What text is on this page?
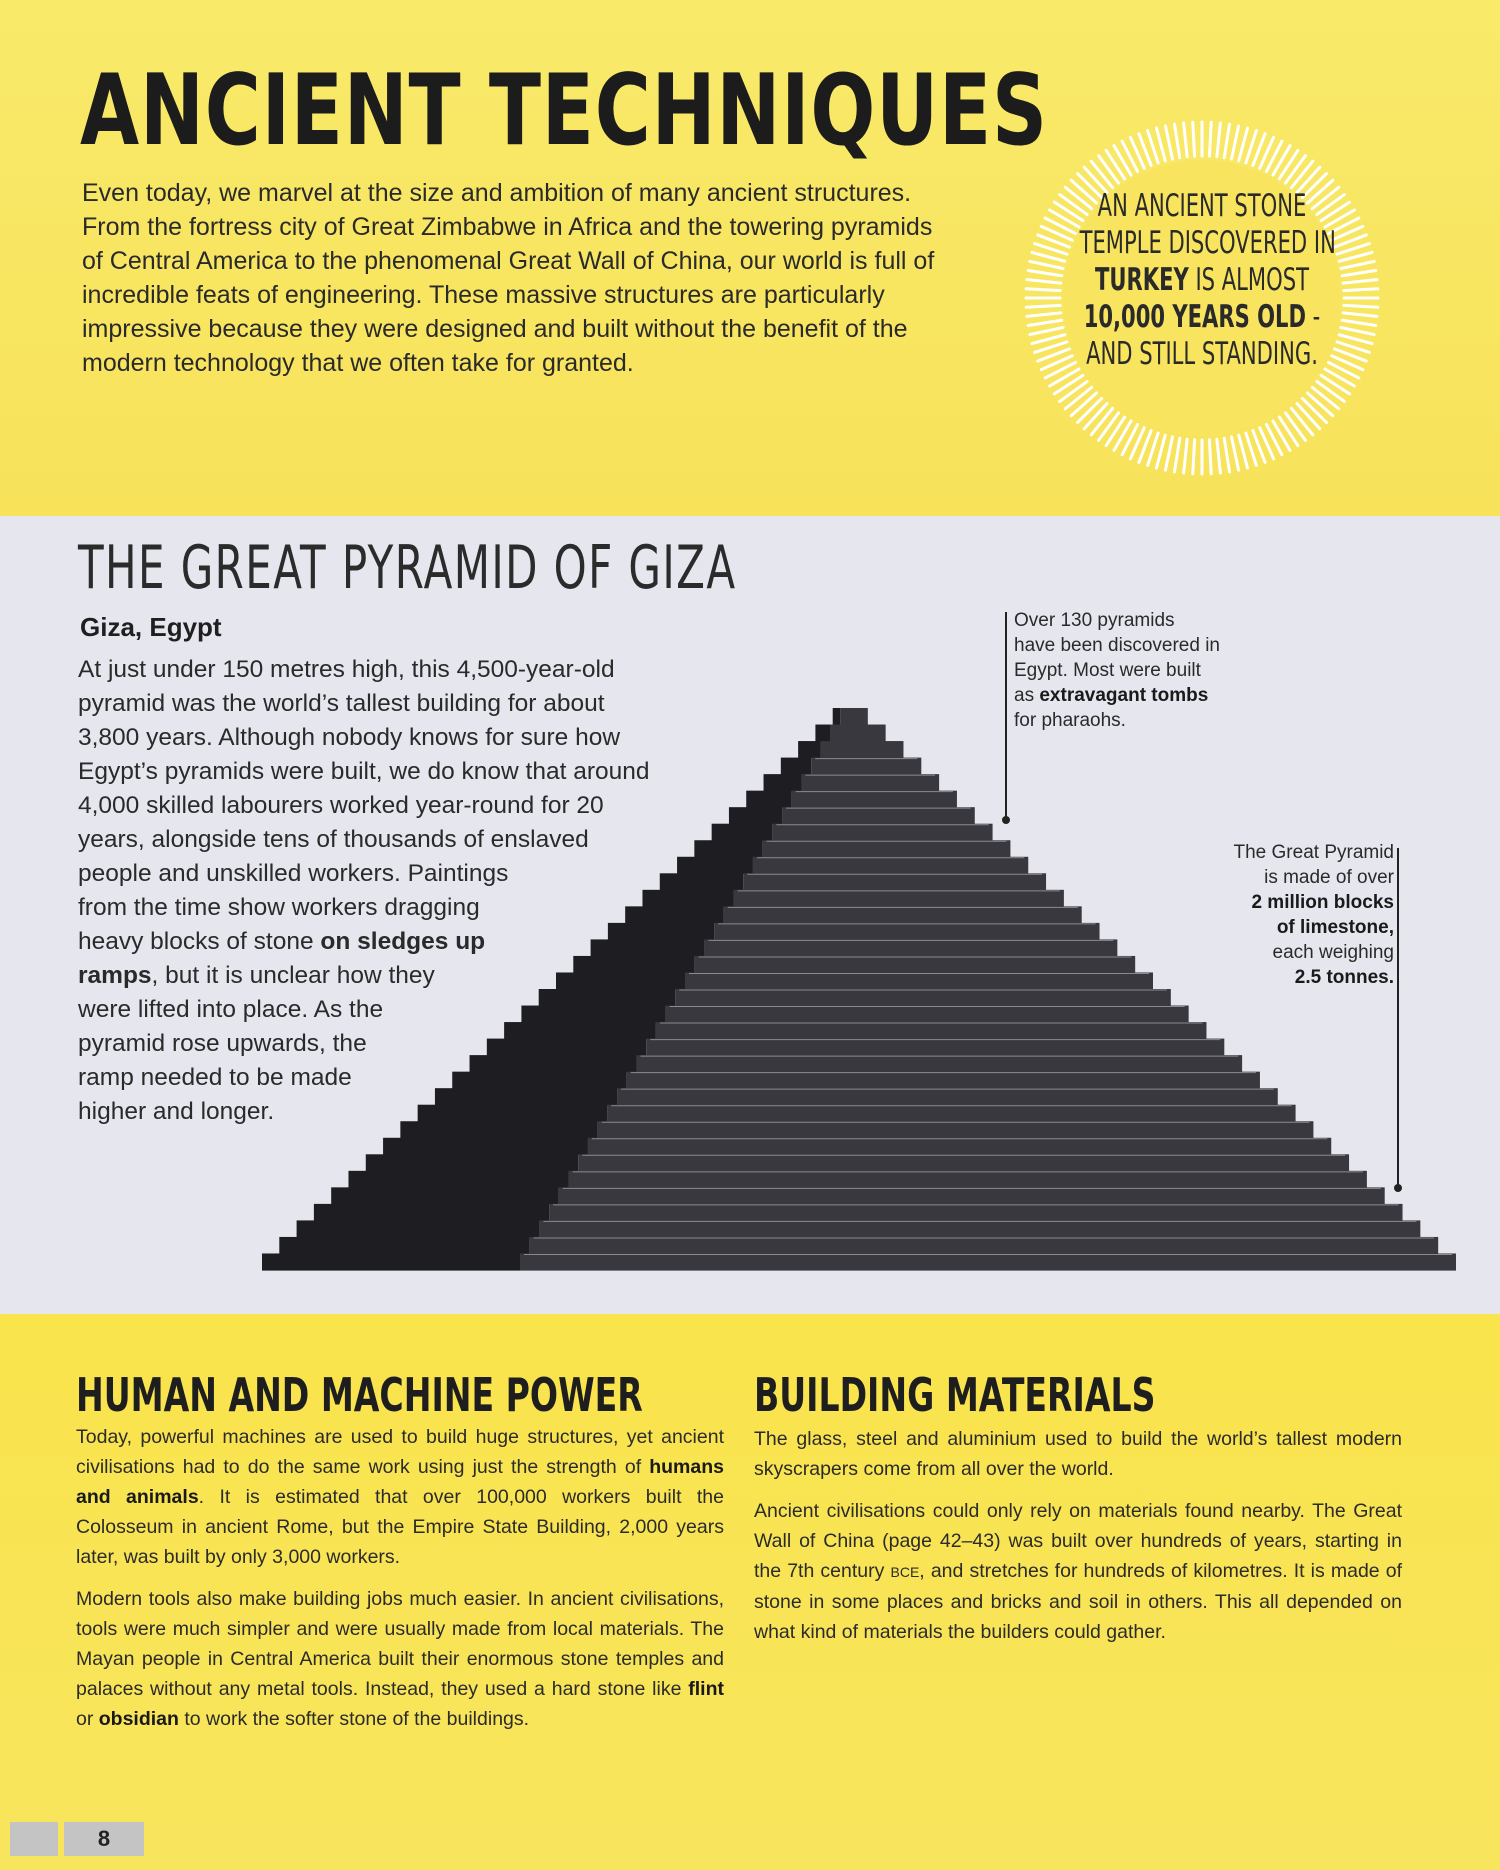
ANCIENT TECHNIQUES

Even today, we marvel at the size and ambition of many ancient structures. From the fortress city of Great Zimbabwe in Africa and the towering pyramids of Central America to the phenomenal Great Wall of China, our world is full of incredible feats of engineering. These massive structures are particularly impressive because they were designed and built without the benefit of the modern technology that we often take for granted.

AN ANCIENT STONE
TEMPLE DISCOVERED IN
TURKEY IS ALMOST
10,000 YEARS OLD -
AND STILL STANDING.
THE GREAT PYRAMID OF GIZA

Giza, Egypt

At just under 150 metres high, this 4,500-year-old
pyramid was the world’s tallest building for about
3,800 years. Although nobody knows for sure how
Egypt’s pyramids were built, we do know that around
4,000 skilled labourers worked year-round for 20
years, alongside tens of thousands of enslaved
people and unskilled workers. Paintings
from the time show workers dragging
heavy blocks of stone on sledges up
ramps, but it is unclear how they
were lifted into place. As the
pyramid rose upwards, the
ramp needed to be made
higher and longer.
Over 130 pyramids
have been discovered in
Egypt. Most were built
as extravagant tombs
for pharaohs.
The Great Pyramid
is made of over
2 million blocks
of limestone,
each weighing
2.5 tonnes.
HUMAN AND MACHINE POWER

Today, powerful machines are used to build huge structures, yet ancient civilisations had to do the same work using just the strength of humans and animals. It is estimated that over 100,000 workers built the Colosseum in ancient Rome, but the Empire State Building, 2,000 years later, was built by only 3,000 workers.

Modern tools also make building jobs much easier. In ancient civilisations, tools were much simpler and were usually made from local materials. The Mayan people in Central America built their enormous stone temples and palaces without any metal tools. Instead, they used a hard stone like flint or obsidian to work the softer stone of the buildings.

BUILDING MATERIALS

The glass, steel and aluminium used to build the world’s tallest modern skyscrapers come from all over the world.

Ancient civilisations could only rely on materials found nearby. The Great Wall of China (page 42–43) was built over hundreds of years, starting in the 7th century BCE, and stretches for hundreds of kilometres. It is made of stone in some places and bricks and soil in others. This all depended on what kind of materials the builders could gather.

8
